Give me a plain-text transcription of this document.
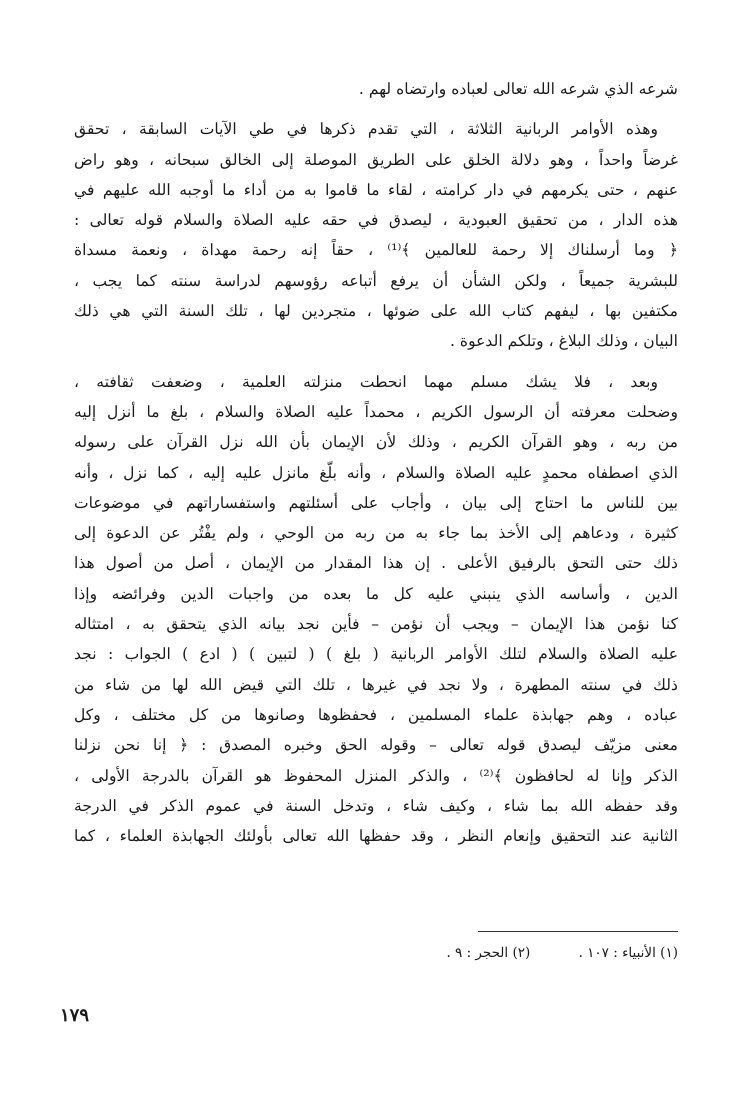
شرعه الذي شرعه الله تعالى لعباده وارتضاه لهم .
وهذه الأوامر الربانية الثلاثة ، التي تقدم ذكرها في طي الآيات السابقة ، تحقق
غرضاً واحداً ، وهو دلالة الخلق على الطريق الموصلة إلى الخالق سبحانه ، وهو راض
عنهم ، حتى يكرمهم في دار كرامته ، لقاء ما قاموا به من أداء ما أوجبه الله عليهم في
هذه الدار ، من تحقيق العبودية ، ليصدق في حقه عليه الصلاة والسلام قوله تعالى :
﴿ وما أرسلناك إلا رحمة للعالمين ﴾⁽¹⁾ ، حقاً إنه رحمة مهداة ، ونعمة مسداة
للبشرية جميعاً ، ولكن الشأن أن يرفع أتباعه رؤوسهم لدراسة سنته كما يجب ،
مكتفين بها ، ليفهم كتاب الله على ضوئها ، متجردين لها ، تلك السنة التي هي ذلك
البيان ، وذلك البلاغ ، وتلكم الدعوة .
وبعد ، فلا يشك مسلم مهما انحطت منزلته العلمية ، وضعفت ثقافته ،
وضحلت معرفته أن الرسول الكريم ، محمداً عليه الصلاة والسلام ، بلغ ما أنزل إليه
من ربه ، وهو القرآن الكريم ، وذلك لأن الإيمان بأن الله نزل القرآن على رسوله
الذي اصطفاه محمدٍ عليه الصلاة والسلام ، وأنه بلّغ مانزل عليه إليه ، كما نزل ، وأنه
بين للناس ما احتاج إلى بيان ، وأجاب على أسئلتهم واستفساراتهم في موضوعات
كثيرة ، ودعاهم إلى الأخذ بما جاء به من ربه من الوحي ، ولم يفْتُر عن الدعوة إلى
ذلك حتى التحق بالرفيق الأعلى . إن هذا المقدار من الإيمان ، أصل من أصول هذا
الدين ، وأساسه الذي ينبني عليه كل ما بعده من واجبات الدين وفرائضه وإذا
كنا نؤمن هذا الإيمان – ويجب أن نؤمن – فأين نجد بيانه الذي يتحقق به ، امتثاله
عليه الصلاة والسلام لتلك الأوامر الربانية ( بلغ ) ( لتبين ) ( ادع ) الجواب : نجد
ذلك في سنته المطهرة ، ولا نجد في غيرها ، تلك التي قيض الله لها من شاء من
عباده ، وهم جهابذة علماء المسلمين ، فحفظوها وصانوها من كل مختلف ، وكل
معنى مزيّف ليصدق قوله تعالى – وقوله الحق وخبره المصدق : ﴿ إنا نحن نزلنا
الذكر وإنا له لحافظون ﴾⁽²⁾ ، والذكر المنزل المحفوظ هو القرآن بالدرجة الأولى ،
وقد حفظه الله بما شاء ، وكيف شاء ، وتدخل السنة في عموم الذكر في الدرجة
الثانية عند التحقيق وإنعام النظر ، وقد حفظها الله تعالى بأولئك الجهابذة العلماء ، كما
(١) الأنبياء : ١٠٧ . (٢) الحجر : ٩ .
١٧٩
